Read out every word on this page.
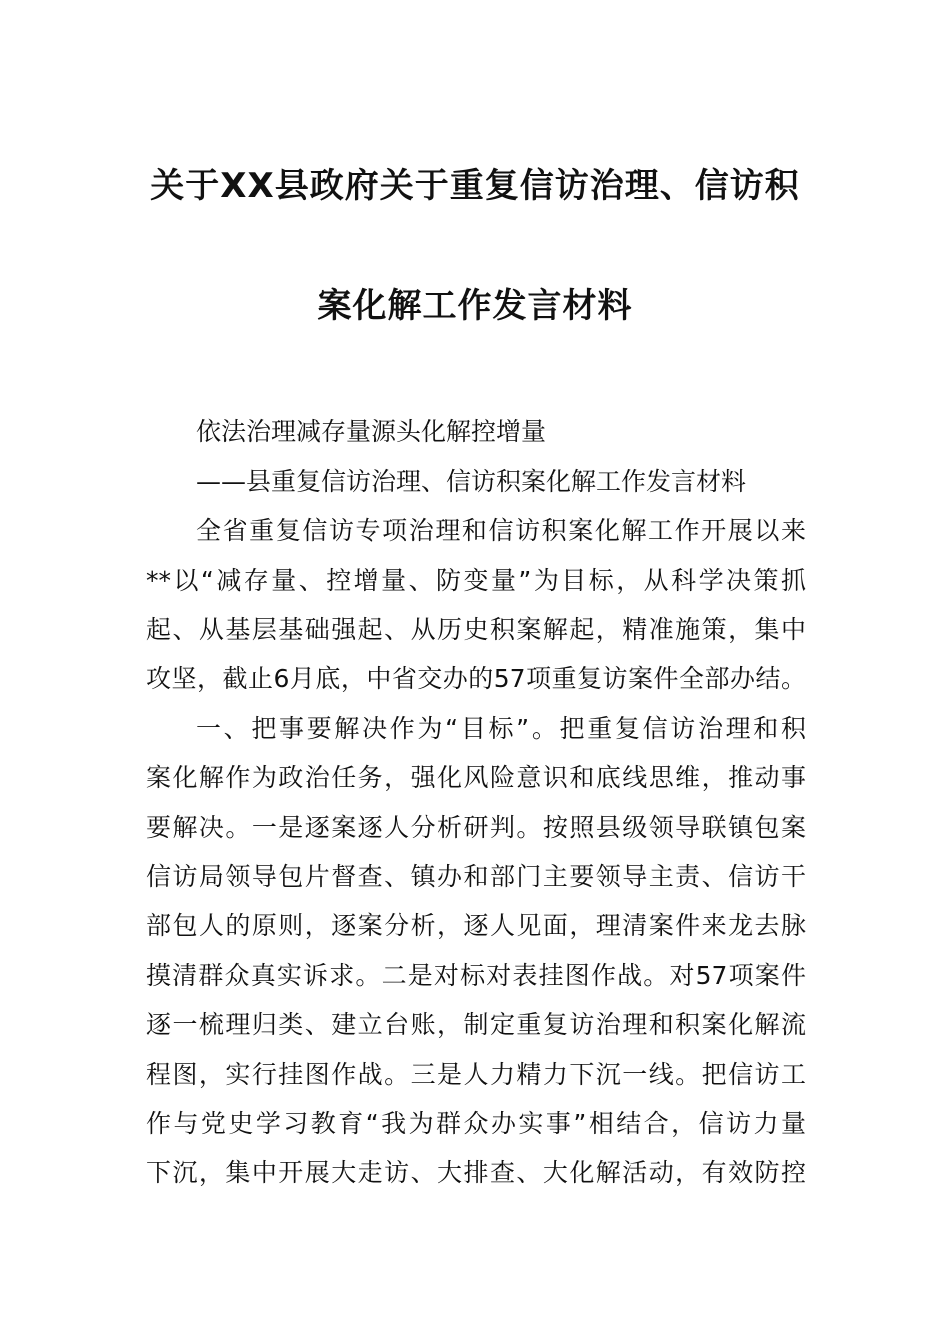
关于XX县政府关于重复信访治理、信访积
案化解工作发言材料
依法治理减存量源头化解控增量
——县重复信访治理、信访积案化解工作发言材料
全省重复信访专项治理和信访积案化解工作开展以来
**以“减存量、控增量、防变量”为目标，从科学决策抓
起、从基层基础强起、从历史积案解起，精准施策，集中
攻坚，截止6月底，中省交办的57项重复访案件全部办结。
一、把事要解决作为“目标”。把重复信访治理和积
案化解作为政治任务，强化风险意识和底线思维，推动事
要解决。一是逐案逐人分析研判。按照县级领导联镇包案
信访局领导包片督查、镇办和部门主要领导主责、信访干
部包人的原则，逐案分析，逐人见面，理清案件来龙去脉
摸清群众真实诉求。二是对标对表挂图作战。对57项案件
逐一梳理归类、建立台账，制定重复访治理和积案化解流
程图，实行挂图作战。三是人力精力下沉一线。把信访工
作与党史学习教育“我为群众办实事”相结合，信访力量
下沉，集中开展大走访、大排查、大化解活动，有效防控
